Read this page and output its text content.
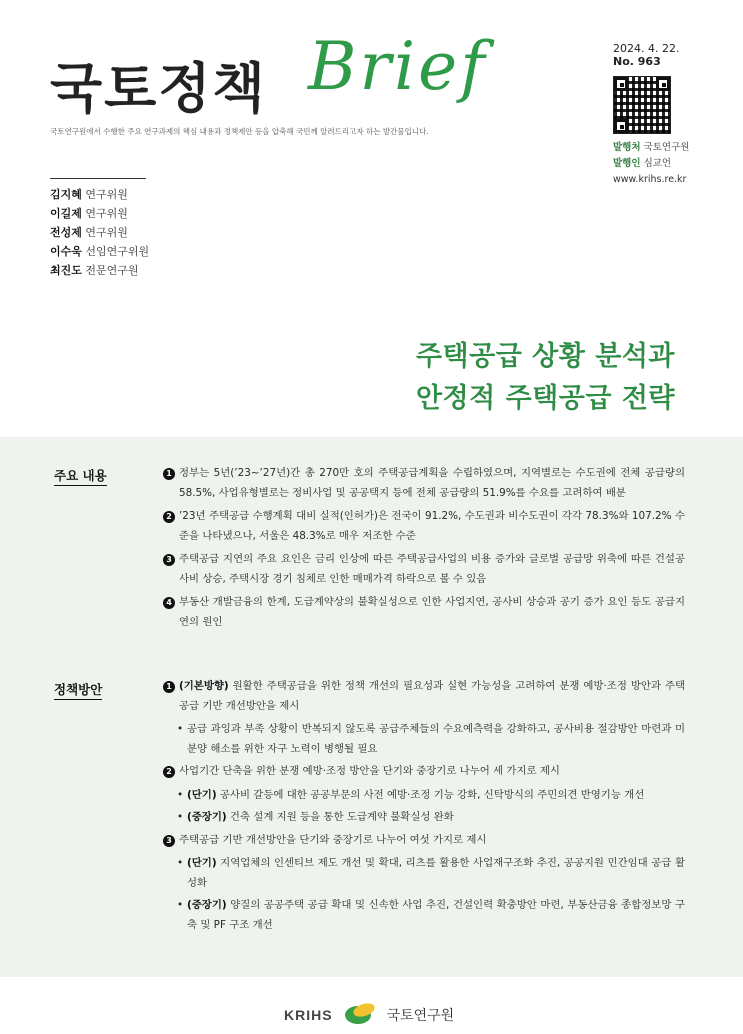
국토정책 Brief
국토연구원에서 수행한 주요 연구과제의 핵심 내용과 정책제안 등을 압축해 국민께 알려드리고자 하는 발간물입니다.
2024. 4. 22.
No. 963
발행처 국토연구원
발행인 심교언
www.krihs.re.kr
김지혜 연구위원
이길제 연구위원
전성제 연구위원
이수욱 선임연구위원
최진도 전문연구원
주택공급 상황 분석과
안정적 주택공급 전략
주요 내용	1 정부는 5년(’23~’27년)간 총 270만 호의 주택공급계획을 수립하였으며, 지역별로는 수도권에 전체 공급량의 58.5%, 사업유형별로는 정비사업 및 공공택지 등에 전체 공급량의 51.9%를 수요를 고려하여 배분
2 ’23년 주택공급 수행계획 대비 실적(인허가)은 전국이 91.2%, 수도권과 비수도권이 각각 78.3%와 107.2% 수준을 나타냈으나, 서울은 48.3%로 매우 저조한 수준
3 주택공급 지연의 주요 요인은 금리 인상에 따른 주택공급사업의 비용 증가와 글로벌 공급망 위축에 따른 건설공사비 상승, 주택시장 경기 침체로 인한 매매가격 하락으로 볼 수 있음
4 부동산 개발금융의 한계, 도급계약상의 불확실성으로 인한 사업지연, 공사비 상승과 공기 증가 요인 등도 공급지연의 원인
정책방안	1 (기본방향) 원활한 주택공급을 위한 정책 개선의 필요성과 실현 가능성을 고려하여 분쟁 예방·조정 방안과 주택공급 기반 개선방안을 제시
• 공급 과잉과 부족 상황이 반복되지 않도록 공급주체들의 수요예측력을 강화하고, 공사비용 절감방안 마련과 미분양 해소를 위한 자구 노력이 병행될 필요
2 사업기간 단축을 위한 분쟁 예방·조정 방안을 단기와 중장기로 나누어 세 가지로 제시
• (단기) 공사비 갈등에 대한 공공부문의 사전 예방·조정 기능 강화, 신탁방식의 주민의견 반영기능 개선
• (중장기) 건축 설계 지원 등을 통한 도급계약 불확실성 완화
3 주택공급 기반 개선방안을 단기와 중장기로 나누어 여섯 가지로 제시
• (단기) 지역업체의 인센티브 제도 개선 및 확대, 리츠를 활용한 사업재구조화 추진, 공공지원 민간임대 공급 활성화
• (중장기) 양질의 공공주택 공급 확대 및 신속한 사업 추진, 건설인력 확충방안 마련, 부동산금융 종합정보망 구축 및 PF 구조 개선
KRIHS	국토연구원
